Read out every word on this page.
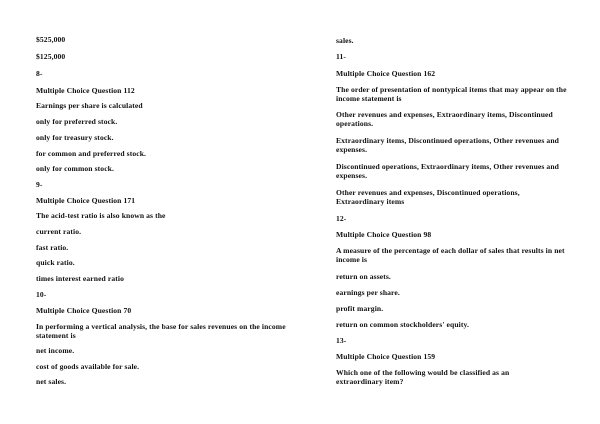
$525,000

$125,000

8-

Multiple Choice Question 112

Earnings per share is calculated

only for preferred stock.

only for treasury stock.

for common and preferred stock.

only for common stock.

9-

Multiple Choice Question 171

The acid-test ratio is also known as the

current ratio.

fast ratio.

quick ratio.

times interest earned ratio

10-

Multiple Choice Question 70

In performing a vertical analysis, the base for sales revenues on the income statement is

net income.

cost of goods available for sale.

net sales.

sales.

11-

Multiple Choice Question 162

The order of presentation of nontypical items that may appear on the income statement is

Other revenues and expenses, Extraordinary items, Discontinued operations.

Extraordinary items, Discontinued operations, Other revenues and expenses.

Discontinued operations, Extraordinary items, Other revenues and expenses.

Other revenues and expenses, Discontinued operations, Extraordinary items

12-

Multiple Choice Question 98

A measure of the percentage of each dollar of sales that results in net income is

return on assets.

earnings per share.

profit margin.

return on common stockholders' equity.

13-

Multiple Choice Question 159

Which one of the following would be classified as an extraordinary item?
